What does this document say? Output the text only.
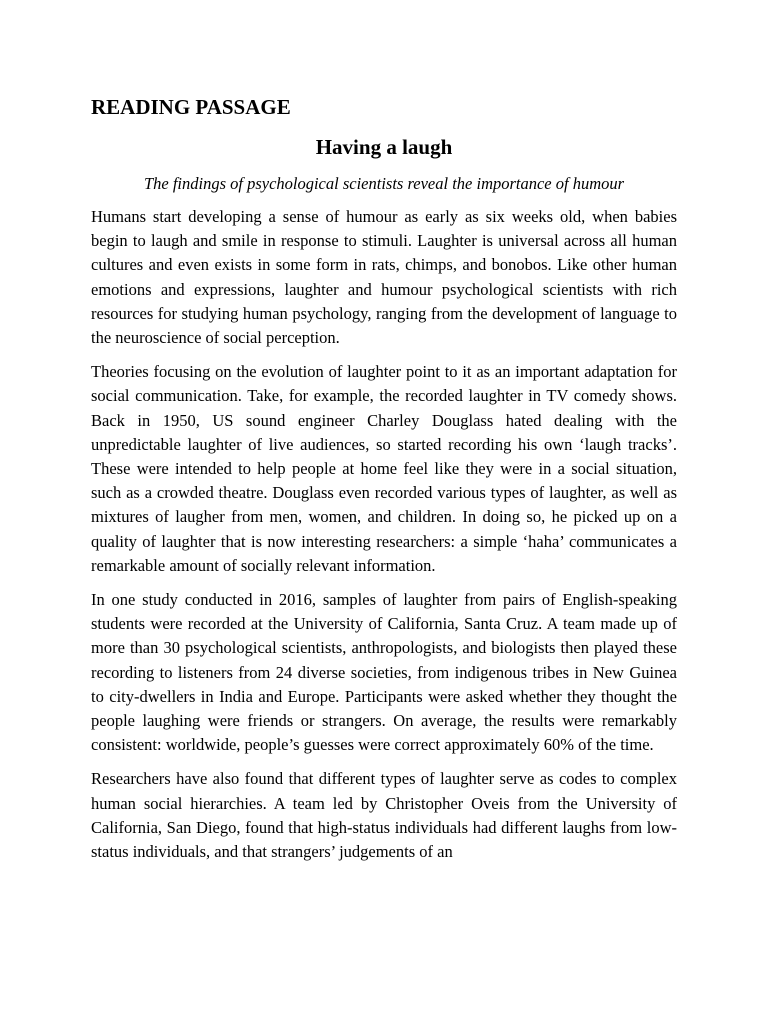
READING PASSAGE
Having a laugh

The findings of psychological scientists reveal the importance of humour

Humans start developing a sense of humour as early as six weeks old, when babies begin to laugh and smile in response to stimuli. Laughter is universal across all human cultures and even exists in some form in rats, chimps, and bonobos. Like other human emotions and expressions, laughter and humour psychological scientists with rich resources for studying human psychology, ranging from the development of language to the neuroscience of social perception.

Theories focusing on the evolution of laughter point to it as an important adaptation for social communication. Take, for example, the recorded laughter in TV comedy shows. Back in 1950, US sound engineer Charley Douglass hated dealing with the unpredictable laughter of live audiences, so started recording his own ‘laugh tracks’. These were intended to help people at home feel like they were in a social situation, such as a crowded theatre. Douglass even recorded various types of laughter, as well as mixtures of laugher from men, women, and children. In doing so, he picked up on a quality of laughter that is now interesting researchers: a simple ‘haha’ communicates a remarkable amount of socially relevant information.

In one study conducted in 2016, samples of laughter from pairs of English-speaking students were recorded at the University of California, Santa Cruz. A team made up of more than 30 psychological scientists, anthropologists, and biologists then played these recording to listeners from 24 diverse societies, from indigenous tribes in New Guinea to city-dwellers in India and Europe. Participants were asked whether they thought the people laughing were friends or strangers. On average, the results were remarkably consistent: worldwide, people’s guesses were correct approximately 60% of the time.

Researchers have also found that different types of laughter serve as codes to complex human social hierarchies. A team led by Christopher Oveis from the University of California, San Diego, found that high-status individuals had different laughs from low-status individuals, and that strangers’ judgements of an
